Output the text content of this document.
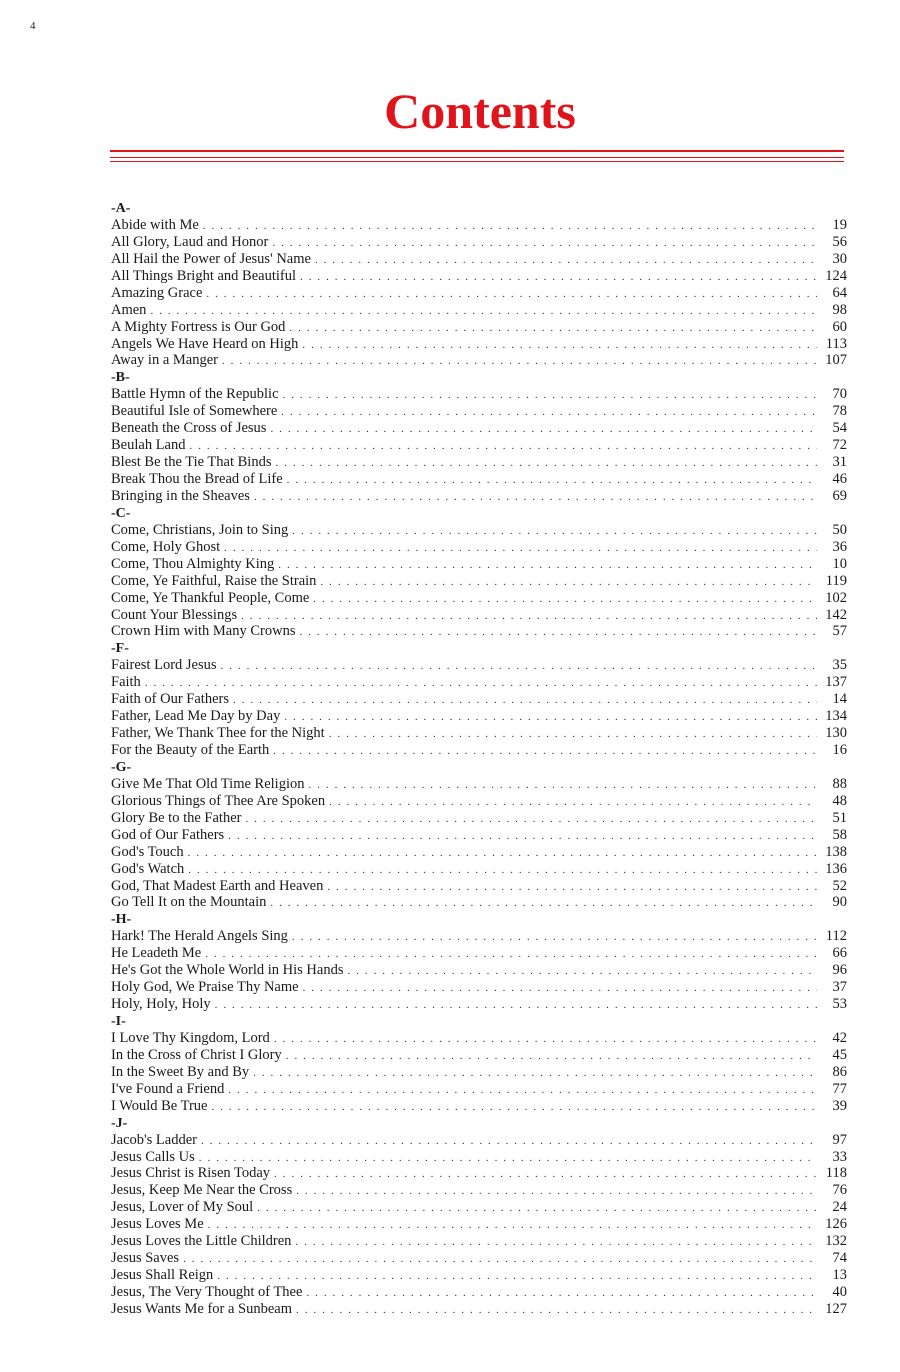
4
Contents
-A-
Abide with Me . . .	19
All Glory, Laud and Honor . . .	56
All Hail the Power of Jesus' Name . . .	30
All Things Bright and Beautiful . . .	124
Amazing Grace . . .	64
Amen . . .	98
A Mighty Fortress is Our God . . .	60
Angels We Have Heard on High . . .	113
Away in a Manger . . .	107
-B-
Battle Hymn of the Republic . . .	70
Beautiful Isle of Somewhere . . .	78
Beneath the Cross of Jesus . . .	54
Beulah Land . . .	72
Blest Be the Tie That Binds . . .	31
Break Thou the Bread of Life . . .	46
Bringing in the Sheaves . . .	69
-C-
Come, Christians, Join to Sing . . .	50
Come, Holy Ghost . . .	36
Come, Thou Almighty King . . .	10
Come, Ye Faithful, Raise the Strain . . .	119
Come, Ye Thankful People, Come . . .	102
Count Your Blessings . . .	142
Crown Him with Many Crowns . . .	57
-F-
Fairest Lord Jesus . . .	35
Faith . . .	137
Faith of Our Fathers . . .	14
Father, Lead Me Day by Day . . .	134
Father, We Thank Thee for the Night . . .	130
For the Beauty of the Earth . . .	16
-G-
Give Me That Old Time Religion . . .	88
Glorious Things of Thee Are Spoken . . .	48
Glory Be to the Father . . .	51
God of Our Fathers . . .	58
God's Touch . . .	138
God's Watch . . .	136
God, That Madest Earth and Heaven . . .	52
Go Tell It on the Mountain . . .	90
-H-
Hark! The Herald Angels Sing . . .	112
He Leadeth Me . . .	66
He's Got the Whole World in His Hands . . .	96
Holy God, We Praise Thy Name . . .	37
Holy, Holy, Holy . . .	53
-I-
I Love Thy Kingdom, Lord . . .	42
In the Cross of Christ I Glory . . .	45
In the Sweet By and By . . .	86
I've Found a Friend . . .	77
I Would Be True . . .	39
-J-
Jacob's Ladder . . .	97
Jesus Calls Us . . .	33
Jesus Christ is Risen Today . . .	118
Jesus, Keep Me Near the Cross . . .	76
Jesus, Lover of My Soul . . .	24
Jesus Loves Me . . .	126
Jesus Loves the Little Children . . .	132
Jesus Saves . . .	74
Jesus Shall Reign . . .	13
Jesus, The Very Thought of Thee . . .	40
Jesus Wants Me for a Sunbeam . . .	127
